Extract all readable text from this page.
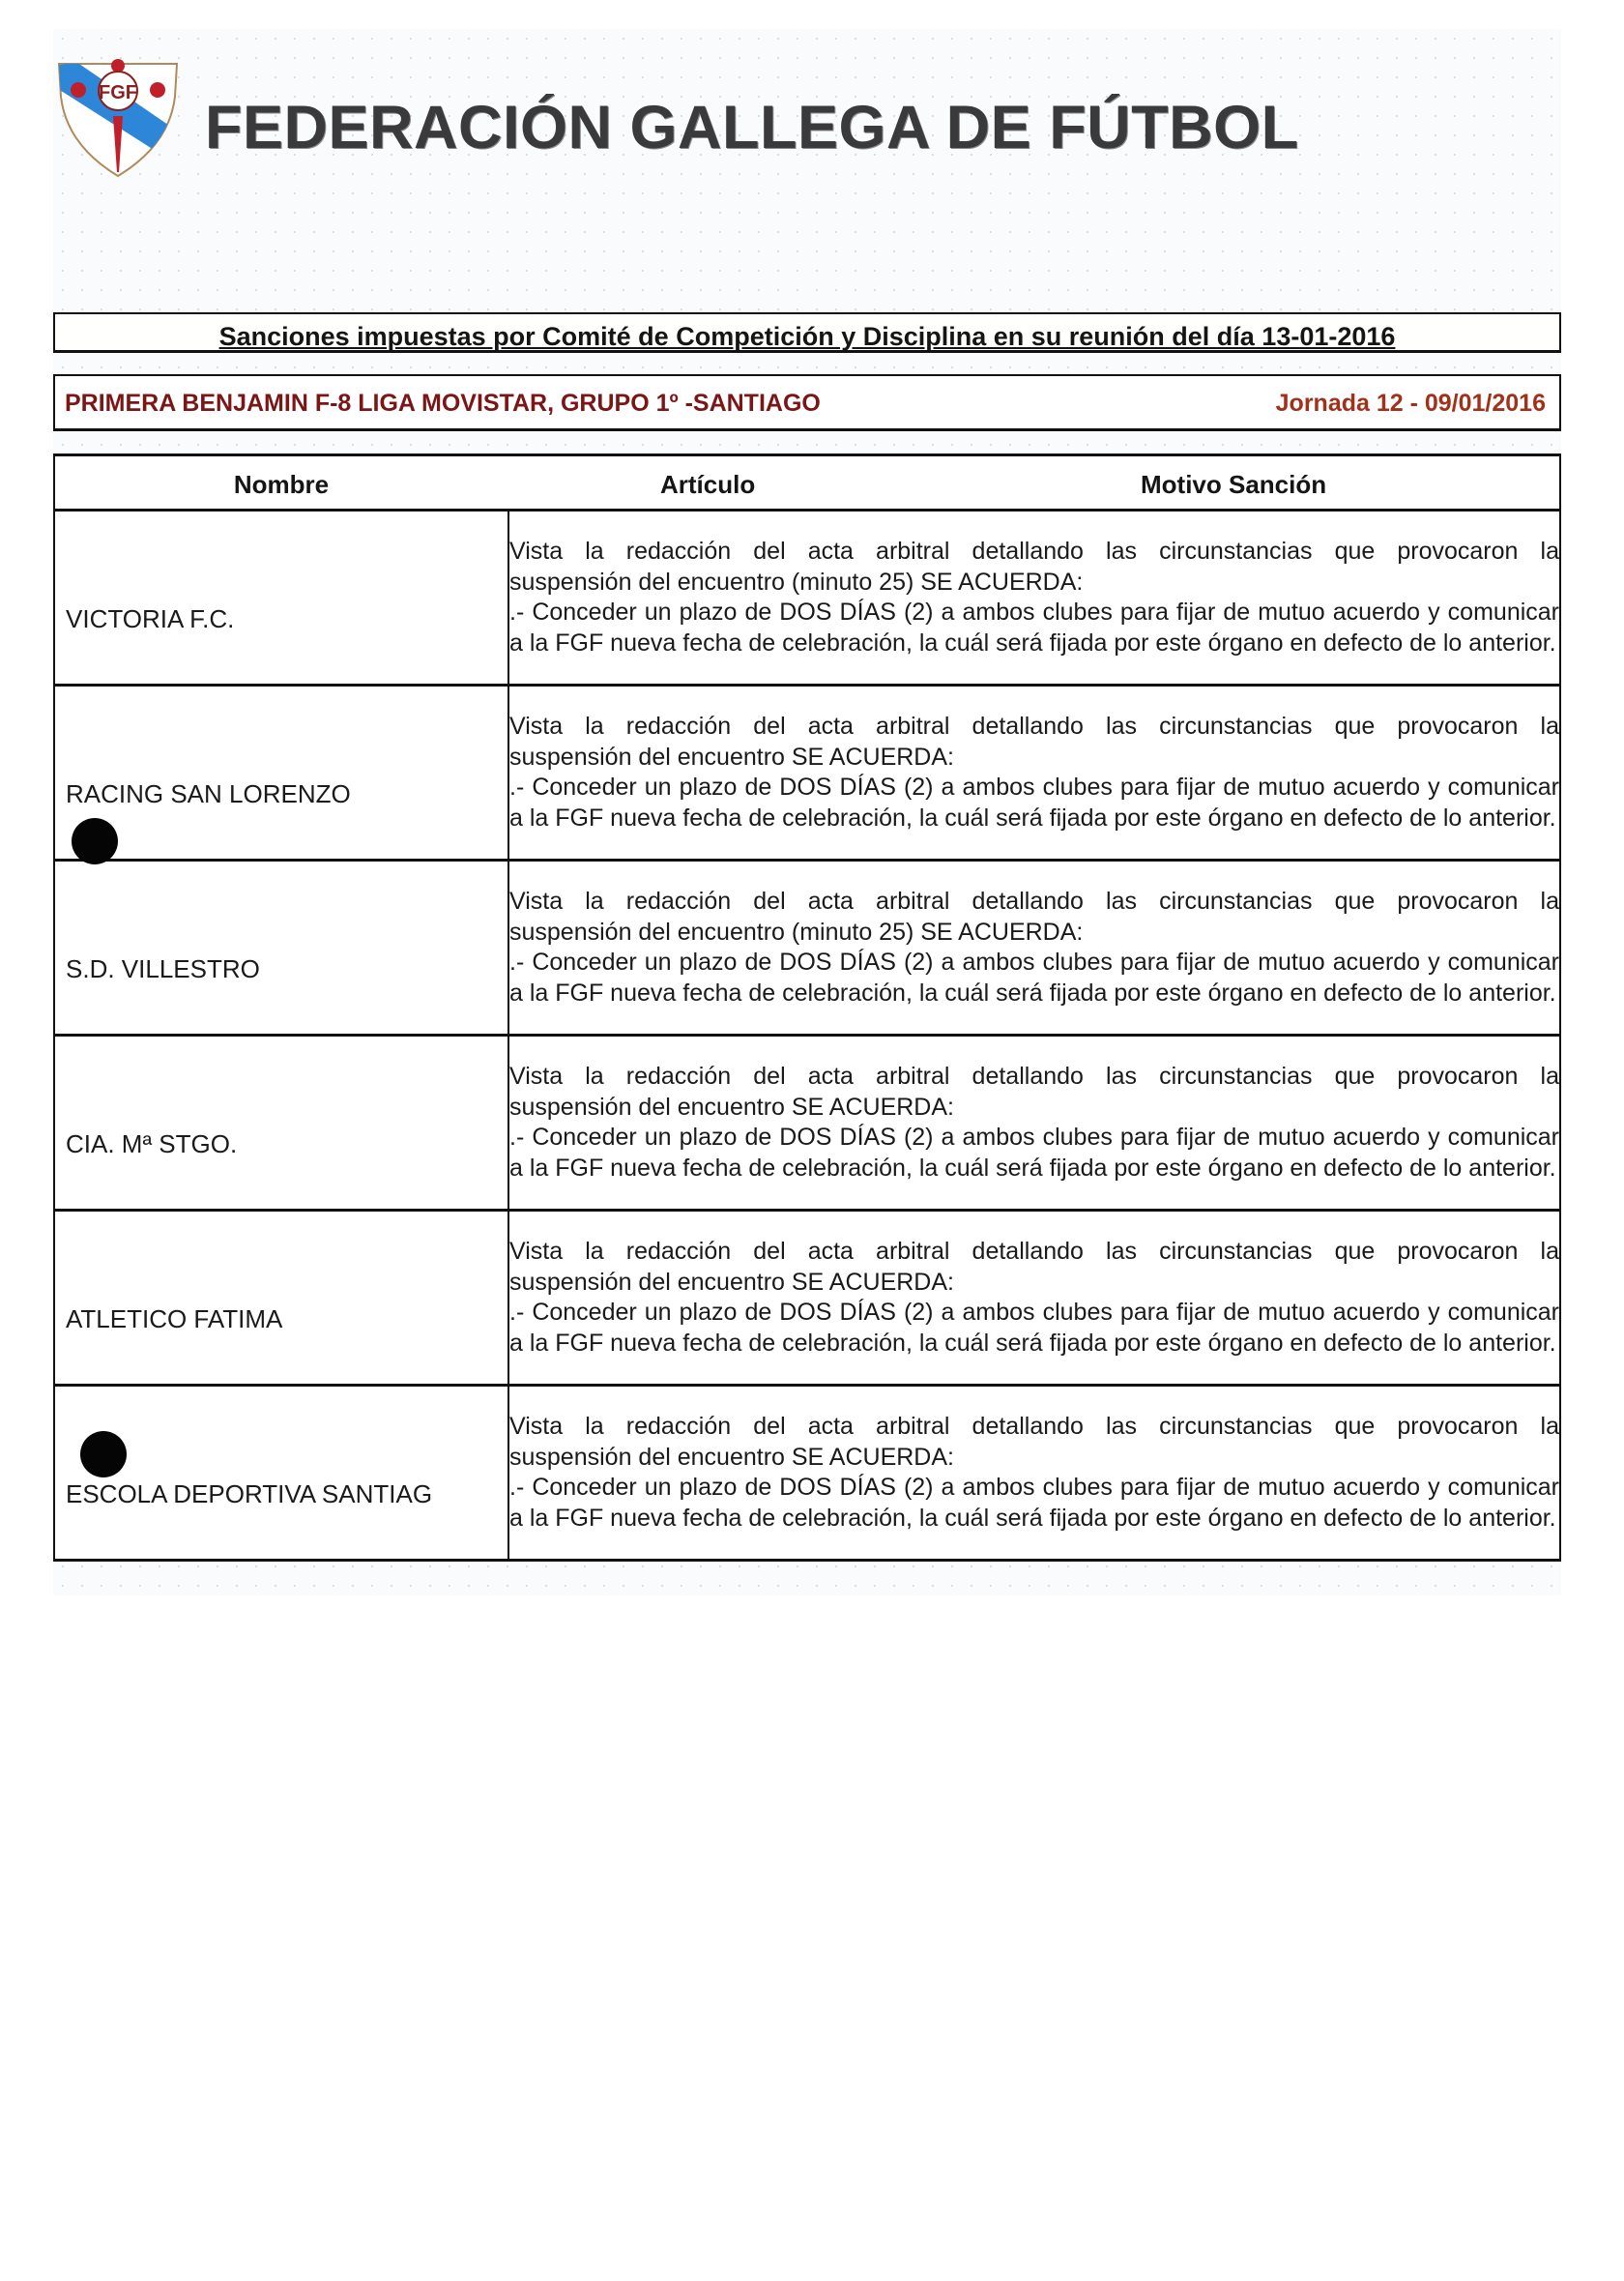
FGF
FEDERACIÓN GALLEGA DE FÚTBOL
Sanciones impuestas por Comité de Competición y Disciplina en su reunión del día 13-01-2016
PRIMERA BENJAMIN F-8 LIGA MOVISTAR, GRUPO 1º -SANTIAGO	Jornada 12 - 09/01/2016
Nombre Artículo Motivo Sanción	

VICTORIA F.C.	Vista la redacción del acta arbitral detallando las circunstancias que provocaron la
suspensión del encuentro (minuto 25) SE ACUERDA:
.- Conceder un plazo de DOS DÍAS (2) a ambos clubes para fijar de mutuo acuerdo y comunicar a la FGF nueva fecha de celebración, la cuál será fijada por este órgano en defecto de lo anterior.

RACING SAN LORENZO	Vista la redacción del acta arbitral detallando las circunstancias que provocaron la
suspensión del encuentro SE ACUERDA:
.- Conceder un plazo de DOS DÍAS (2) a ambos clubes para fijar de mutuo acuerdo y comunicar a la FGF nueva fecha de celebración, la cuál será fijada por este órgano en defecto de lo anterior.

S.D. VILLESTRO	Vista la redacción del acta arbitral detallando las circunstancias que provocaron la
suspensión del encuentro (minuto 25) SE ACUERDA:
.- Conceder un plazo de DOS DÍAS (2) a ambos clubes para fijar de mutuo acuerdo y comunicar a la FGF nueva fecha de celebración, la cuál será fijada por este órgano en defecto de lo anterior.

CIA. Mª STGO.	Vista la redacción del acta arbitral detallando las circunstancias que provocaron la
suspensión del encuentro SE ACUERDA:
.- Conceder un plazo de DOS DÍAS (2) a ambos clubes para fijar de mutuo acuerdo y comunicar a la FGF nueva fecha de celebración, la cuál será fijada por este órgano en defecto de lo anterior.

ATLETICO FATIMA	Vista la redacción del acta arbitral detallando las circunstancias que provocaron la
suspensión del encuentro SE ACUERDA:
.- Conceder un plazo de DOS DÍAS (2) a ambos clubes para fijar de mutuo acuerdo y comunicar a la FGF nueva fecha de celebración, la cuál será fijada por este órgano en defecto de lo anterior.

ESCOLA DEPORTIVA SANTIAG	Vista la redacción del acta arbitral detallando las circunstancias que provocaron la
suspensión del encuentro SE ACUERDA:
.- Conceder un plazo de DOS DÍAS (2) a ambos clubes para fijar de mutuo acuerdo y comunicar a la FGF nueva fecha de celebración, la cuál será fijada por este órgano en defecto de lo anterior.
